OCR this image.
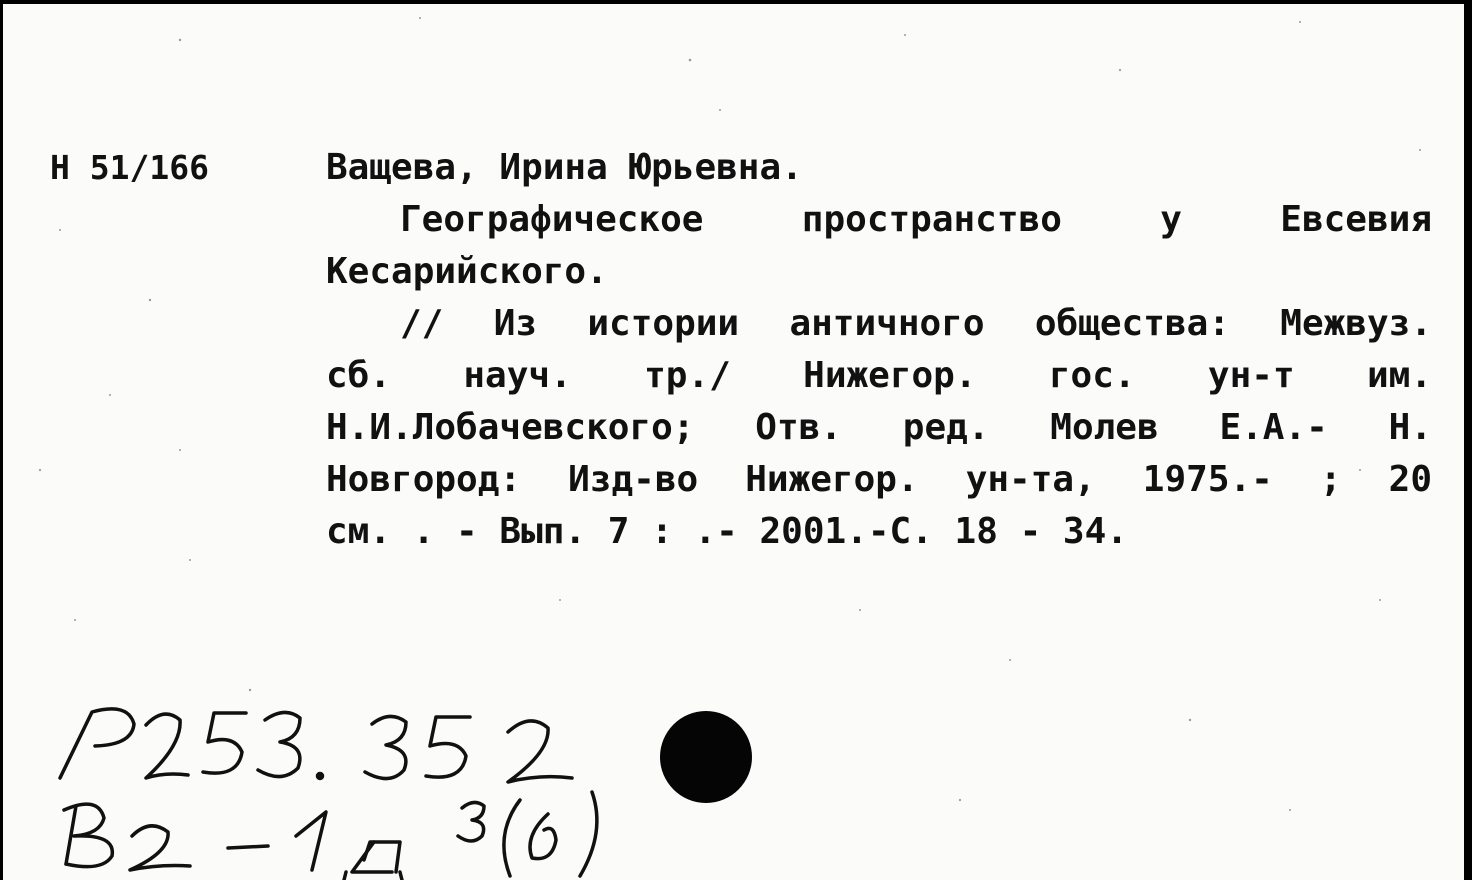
Н 51/166	Ващева, Ирина Юрьевна.
Географическое пространство у Евсевия
Кесарийского.
// Из истории античного общества: Межвуз.
сб. науч. тр./ Нижегор. гос. ун-т им.
Н.И.Лобачевского; Отв. ред. Молев Е.А.- Н.
Новгород: Изд-во Нижегор. ун-та, 1975.- ; 20
см. . - Вып. 7 : .- 2001.-С. 18 - 34.
